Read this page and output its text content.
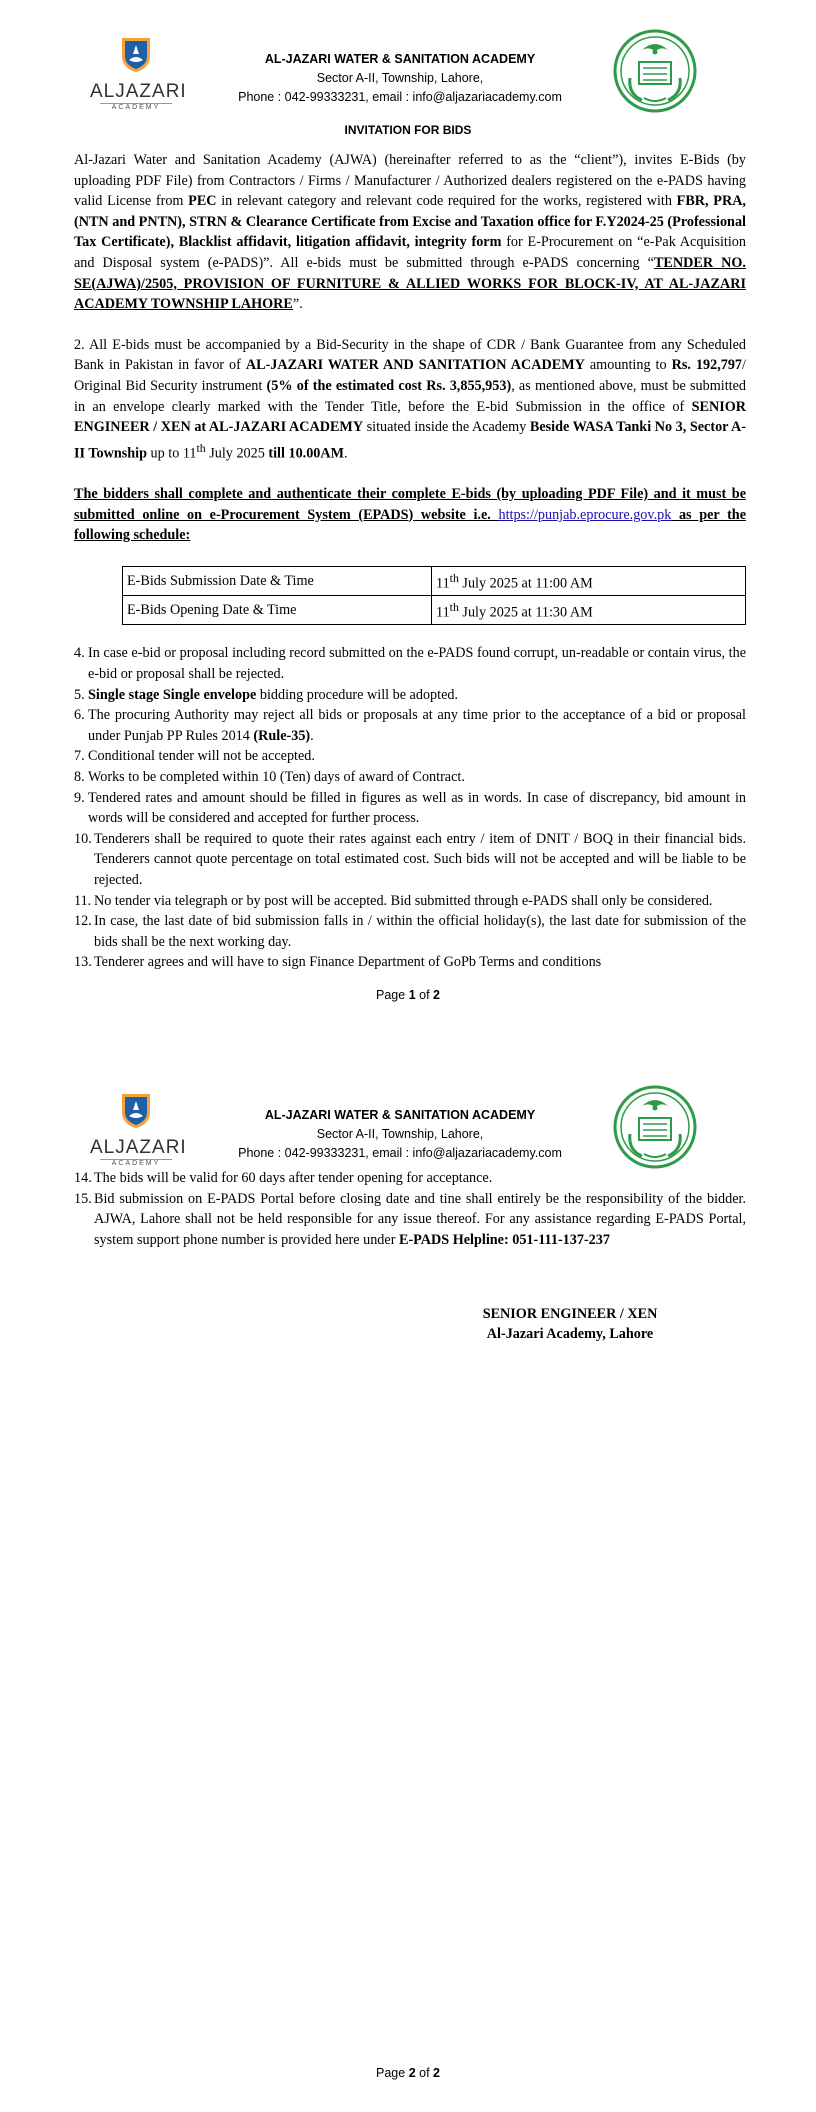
ALJAZARI
ACADEMY
AL-JAZARI WATER & SANITATION ACADEMY
Sector A-II, Township, Lahore,
Phone : 042-99333231, email : info@aljazariacademy.com
INVITATION FOR BIDS

Al-Jazari Water and Sanitation Academy (AJWA) (hereinafter referred to as the “client”), invites E-Bids (by uploading PDF File) from Contractors / Firms / Manufacturer / Authorized dealers registered on the e-PADS having valid License from PEC in relevant category and relevant code required for the works, registered with FBR, PRA, (NTN and PNTN), STRN & Clearance Certificate from Excise and Taxation office for F.Y2024-25 (Professional Tax Certificate), Blacklist affidavit, litigation affidavit, integrity form for E-Procurement on “e-Pak Acquisition and Disposal system (e-PADS)”. All e-bids must be submitted through e-PADS concerning “TENDER NO. SE(AJWA)/2505, PROVISION OF FURNITURE & ALLIED WORKS FOR BLOCK-IV, AT AL-JAZARI ACADEMY TOWNSHIP LAHORE”.

2. All E-bids must be accompanied by a Bid-Security in the shape of CDR / Bank Guarantee from any Scheduled Bank in Pakistan in favor of AL-JAZARI WATER AND SANITATION ACADEMY amounting to Rs. 192,797/ Original Bid Security instrument (5% of the estimated cost Rs. 3,855,953), as mentioned above, must be submitted in an envelope clearly marked with the Tender Title, before the E-bid Submission in the office of SENIOR ENGINEER / XEN at AL-JAZARI ACADEMY situated inside the Academy Beside WASA Tanki No 3, Sector A-II Township up to 11th July 2025 till 10.00AM.

The bidders shall complete and authenticate their complete E-bids (by uploading PDF File) and it must be submitted online on e-Procurement System (EPADS) website i.e. https://punjab.eprocure.gov.pk as per the following schedule:

E-Bids Submission Date & Time	11th July 2025 at 11:00 AM
E-Bids Opening Date & Time	11th July 2025 at 11:30 AM
4. In case e-bid or proposal including record submitted on the e-PADS found corrupt, un-readable or contain virus, the e-bid or proposal shall be rejected.
5. Single stage Single envelope bidding procedure will be adopted.
6. The procuring Authority may reject all bids or proposals at any time prior to the acceptance of a bid or proposal under Punjab PP Rules 2014 (Rule-35).
7. Conditional tender will not be accepted.
8. Works to be completed within 10 (Ten) days of award of Contract.
9. Tendered rates and amount should be filled in figures as well as in words. In case of discrepancy, bid amount in words will be considered and accepted for further process.
10. Tenderers shall be required to quote their rates against each entry / item of DNIT / BOQ in their financial bids. Tenderers cannot quote percentage on total estimated cost. Such bids will not be accepted and will be liable to be rejected.
11. No tender via telegraph or by post will be accepted. Bid submitted through e-PADS shall only be considered.
12. In case, the last date of bid submission falls in / within the official holiday(s), the last date for submission of the bids shall be the next working day.
13. Tenderer agrees and will have to sign Finance Department of GoPb Terms and conditions
Page 1 of 2
ALJAZARI
ACADEMY
AL-JAZARI WATER & SANITATION ACADEMY
Sector A-II, Township, Lahore,
Phone : 042-99333231, email : info@aljazariacademy.com
14. The bids will be valid for 60 days after tender opening for acceptance.
15. Bid submission on E-PADS Portal before closing date and tine shall entirely be the responsibility of the bidder. AJWA, Lahore shall not be held responsible for any issue thereof. For any assistance regarding E-PADS Portal, system support phone number is provided here under E-PADS Helpline: 051-111-137-237
SENIOR ENGINEER / XEN
Al-Jazari Academy, Lahore
Page 2 of 2
